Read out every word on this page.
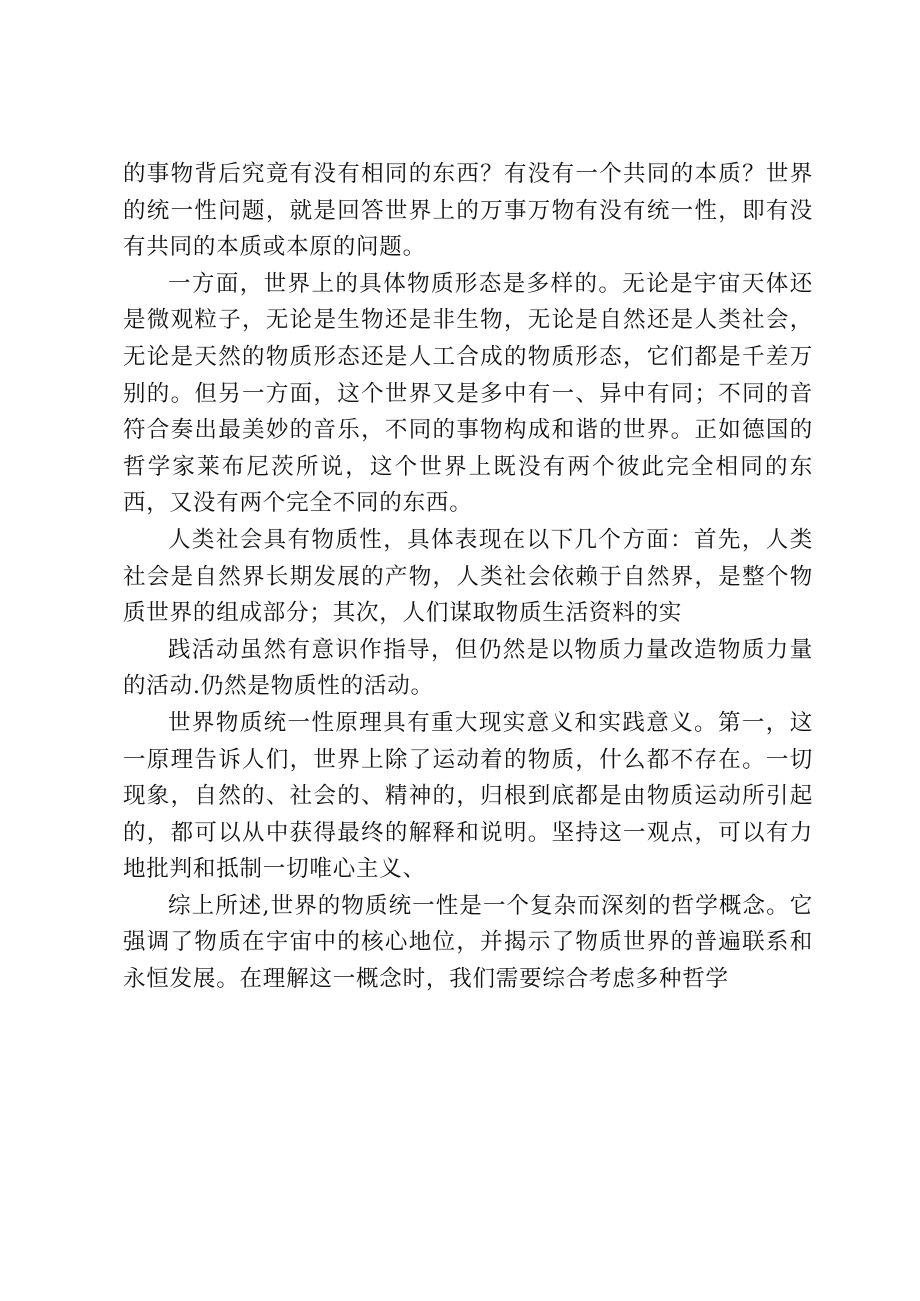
的事物背后究竟有没有相同的东西？有没有一个共同的本质？世界的统一性问题，就是回答世界上的万事万物有没有统一性，即有没有共同的本质或本原的问题。

一方面，世界上的具体物质形态是多样的。无论是宇宙天体还是微观粒子，无论是生物还是非生物，无论是自然还是人类社会，无论是天然的物质形态还是人工合成的物质形态，它们都是千差万别的。但另一方面，这个世界又是多中有一、异中有同；不同的音符合奏出最美妙的音乐，不同的事物构成和谐的世界。正如德国的哲学家莱布尼茨所说，这个世界上既没有两个彼此完全相同的东西，又没有两个完全不同的东西。

人类社会具有物质性，具体表现在以下几个方面：首先，人类社会是自然界长期发展的产物，人类社会依赖于自然界，是整个物质世界的组成部分；其次，人们谋取物质生活资料的实

践活动虽然有意识作指导，但仍然是以物质力量改造物质力量的活动.仍然是物质性的活动。

世界物质统一性原理具有重大现实意义和实践意义。第一，这一原理告诉人们，世界上除了运动着的物质，什么都不存在。一切现象，自然的、社会的、精神的，归根到底都是由物质运动所引起的，都可以从中获得最终的解释和说明。坚持这一观点，可以有力地批判和抵制一切唯心主义、

综上所述,世界的物质统一性是一个复杂而深刻的哲学概念。它强调了物质在宇宙中的核心地位，并揭示了物质世界的普遍联系和永恒发展。在理解这一概念时，我们需要综合考虑多种哲学
